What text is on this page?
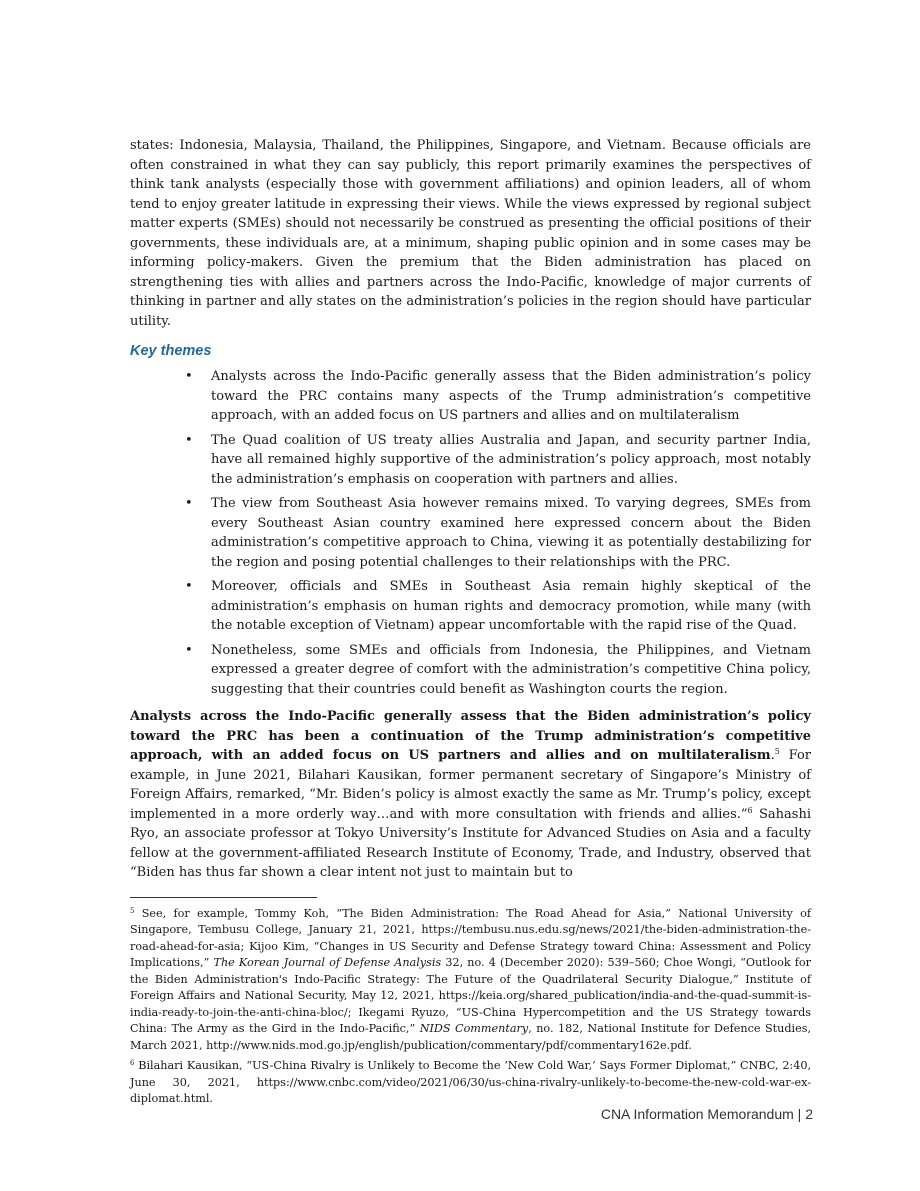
states: Indonesia, Malaysia, Thailand, the Philippines, Singapore, and Vietnam. Because officials are often constrained in what they can say publicly, this report primarily examines the perspectives of think tank analysts (especially those with government affiliations) and opinion leaders, all of whom tend to enjoy greater latitude in expressing their views. While the views expressed by regional subject matter experts (SMEs) should not necessarily be construed as presenting the official positions of their governments, these individuals are, at a minimum, shaping public opinion and in some cases may be informing policy-makers. Given the premium that the Biden administration has placed on strengthening ties with allies and partners across the Indo-Pacific, knowledge of major currents of thinking in partner and ally states on the administration’s policies in the region should have particular utility.

Key themes
• Analysts across the Indo-Pacific generally assess that the Biden administration’s policy toward the PRC contains many aspects of the Trump administration’s competitive approach, with an added focus on US partners and allies and on multilateralism
• The Quad coalition of US treaty allies Australia and Japan, and security partner India, have all remained highly supportive of the administration’s policy approach, most notably the administration’s emphasis on cooperation with partners and allies.
• The view from Southeast Asia however remains mixed. To varying degrees, SMEs from every Southeast Asian country examined here expressed concern about the Biden administration’s competitive approach to China, viewing it as potentially destabilizing for the region and posing potential challenges to their relationships with the PRC.
• Moreover, officials and SMEs in Southeast Asia remain highly skeptical of the administration’s emphasis on human rights and democracy promotion, while many (with the notable exception of Vietnam) appear uncomfortable with the rapid rise of the Quad.
• Nonetheless, some SMEs and officials from Indonesia, the Philippines, and Vietnam expressed a greater degree of comfort with the administration’s competitive China policy, suggesting that their countries could benefit as Washington courts the region.

Analysts across the Indo-Pacific generally assess that the Biden administration’s policy toward the PRC has been a continuation of the Trump administration’s competitive approach, with an added focus on US partners and allies and on multilateralism.$^5$ For example, in June 2021, Bilahari Kausikan, former permanent secretary of Singapore’s Ministry of Foreign Affairs, remarked, “Mr. Biden’s policy is almost exactly the same as Mr. Trump’s policy, except implemented in a more orderly way…and with more consultation with friends and allies.”$^6$ Sahashi Ryo, an associate professor at Tokyo University’s Institute for Advanced Studies on Asia and a faculty fellow at the government-affiliated Research Institute of Economy, Trade, and Industry, observed that “Biden has thus far shown a clear intent not just to maintain but to

$^5$ See, for example, Tommy Koh, “The Biden Administration: The Road Ahead for Asia,” National University of Singapore, Tembusu College, January 21, 2021, https://tembusu.nus.edu.sg/news/2021/the-biden-administration-the-road-ahead-for-asia; Kijoo Kim, “Changes in US Security and Defense Strategy toward China: Assessment and Policy Implications,” The Korean Journal of Defense Analysis 32, no. 4 (December 2020): 539–560; Choe Wongi, “Outlook for the Biden Administration's Indo-Pacific Strategy: The Future of the Quadrilateral Security Dialogue,” Institute of Foreign Affairs and National Security, May 12, 2021, https://keia.org/shared_publication/india-and-the-quad-summit-is-india-ready-to-join-the-anti-china-bloc/; Ikegami Ryuzo, “US-China Hypercompetition and the US Strategy towards China: The Army as the Gird in the Indo-Pacific,” NIDS Commentary, no. 182, National Institute for Defence Studies, March 2021, http://www.nids.mod.go.jp/english/publication/commentary/pdf/commentary162e.pdf.

$^6$ Bilahari Kausikan, “US-China Rivalry is Unlikely to Become the ‘New Cold War,’ Says Former Diplomat,” CNBC, 2:40, June 30, 2021, https://www.cnbc.com/video/2021/06/30/us-china-rivalry-unlikely-to-become-the-new-cold-war-ex-diplomat.html.

CNA Information Memorandum | 2
